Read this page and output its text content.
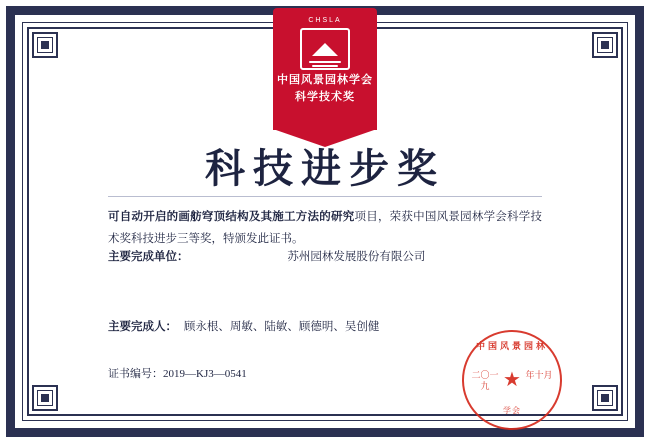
CHSLA
中国风景园林学会
科学技术奖
科技进步奖
可自动开启的画舫穹顶结构及其施工方法的研究项目，荣获中国风景园林学会科学技术奖科技进步三等奖，特颁发此证书。
主要完成单位：	苏州园林发展股份有限公司
主要完成人： 顾永根、周敏、陆敏、顾德明、吴创健
证书编号：2019—KJ3—0541
中国风景园林
★
二〇一九
年十月
学会
